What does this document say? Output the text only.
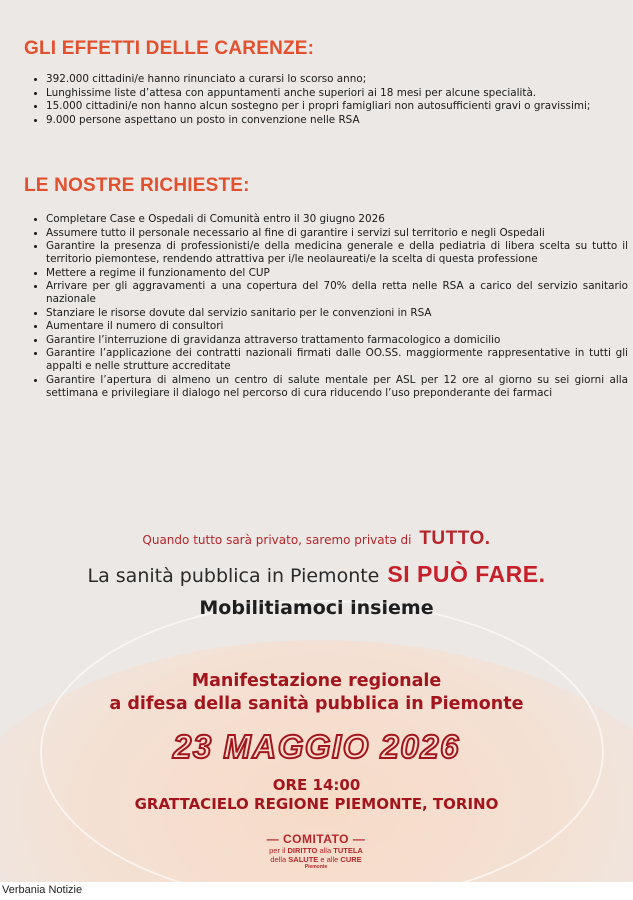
GLI EFFETTI DELLE CARENZE:
• 392.000 cittadini/e hanno rinunciato a curarsi lo scorso anno;
• Lunghissime liste d’attesa con appuntamenti anche superiori ai 18 mesi per alcune specialità.
• 15.000 cittadini/e non hanno alcun sostegno per i propri famigliari non autosufficienti gravi o gravissimi;
• 9.000 persone aspettano un posto in convenzione nelle RSA
LE NOSTRE RICHIESTE:
• Completare Case e Ospedali di Comunità entro il 30 giugno 2026
• Assumere tutto il personale necessario al fine di garantire i servizi sul territorio e negli Ospedali
• Garantire la presenza di professionisti/e della medicina generale e della pediatria di libera scelta su tutto il territorio piemontese, rendendo attrattiva per i/le neolaureati/e la scelta di questa professione
• Mettere a regime il funzionamento del CUP
• Arrivare per gli aggravamenti a una copertura del 70% della retta nelle RSA a carico del servizio sanitario nazionale
• Stanziare le risorse dovute dal servizio sanitario per le convenzioni in RSA
• Aumentare il numero di consultori
• Garantire l’interruzione di gravidanza attraverso trattamento farmacologico a domicilio
• Garantire l’applicazione dei contratti nazionali firmati dalle OO.SS. maggiormente rappresentative in tutti gli appalti e nelle strutture accreditate
• Garantire l’apertura di almeno un centro di salute mentale per ASL per 12 ore al giorno su sei giorni alla settimana e privilegiare il dialogo nel percorso di cura riducendo l’uso preponderante dei farmaci
Quando tutto sarà privato, saremo privatə di TUTTO.
La sanità pubblica in Piemonte SI PUÒ FARE.
Mobilitiamoci insieme
Manifestazione regionale
a difesa della sanità pubblica in Piemonte
23 MAGGIO 2026
ORE 14:00
GRATTACIELO REGIONE PIEMONTE, TORINO
— COMITATO —
per il DIRITTO alla TUTELA
della SALUTE e alle CURE
Piemonte
Verbania Notizie
